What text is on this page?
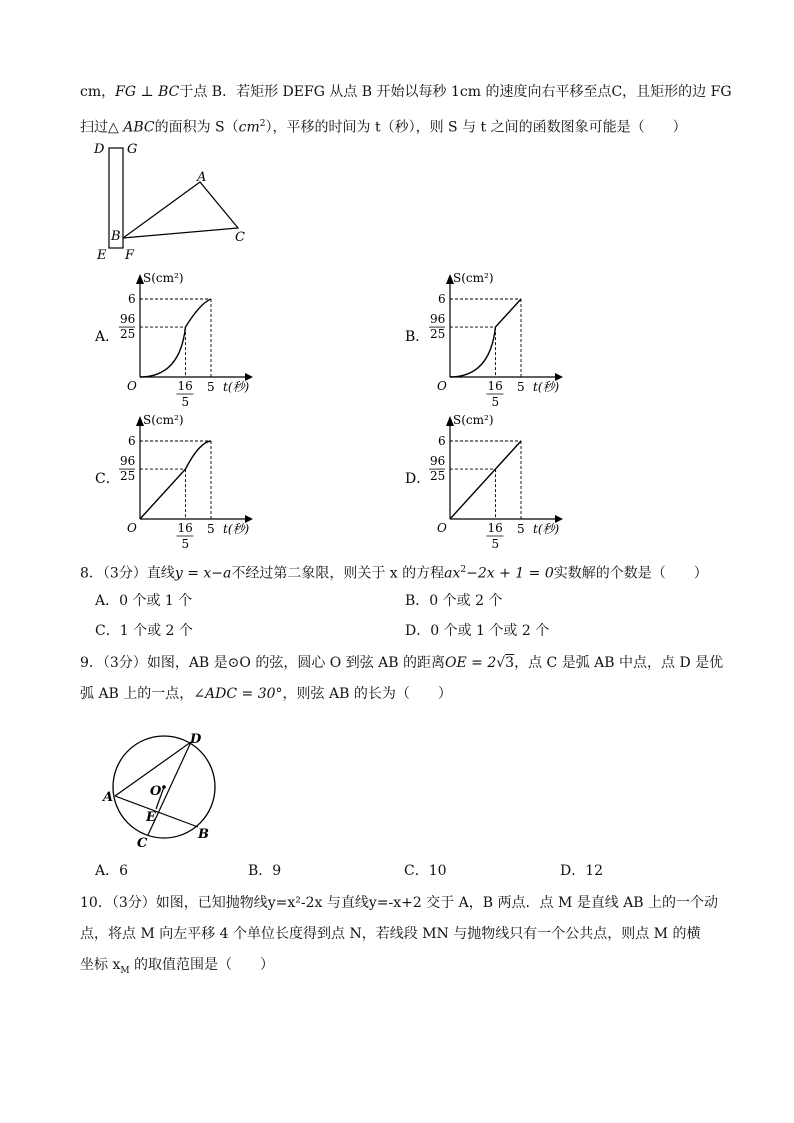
cm，FG ⊥ BC于点 B．若矩形 DEFG 从点 B 开始以每秒 1cm 的速度向右平移至点C，且矩形的边 FG
扫过△ ABC的面积为 $S(cm^2)$，平移的时间为 t（秒），则 S 与 t 之间的函数图象可能是（　　）
D G
A
B	C
E F
A．
S(cm²)
t(秒)
O
6
96
25
16
5
5
B．
S(cm²)
t(秒)
O
6
96
25
16
5
5
C．
S(cm²)
t(秒)
O
6
96
25
16
5
5
D．
S(cm²)
t(秒)
O
6
96
25
16
5
5
8．（3分）直线y = x−a不经过第二象限，则关于 x 的方程$ax^2-2x + 1 = 0$实数解的个数是（　　）
A．0 个或 1 个	B．0 个或 2 个
C．1 个或 2 个	D．0 个或 1 个或 2 个
9．（3分）如图，AB 是⊙O 的弦，圆心 O 到弦 AB 的距离OE = 2√3，点 C 是弧 AB 中点，点 D 是优
弧 AB 上的一点，∠ADC = 30°，则弦 AB 的长为（　　）
D
A	O
E
B
C
A．6	B．9	C．10	D．12
10．（3分）如图，已知抛物线y=x²-2x 与直线y=-x+2 交于 A，B 两点．点 M 是直线 AB 上的一个动
点，将点 M 向左平移 4 个单位长度得到点 N，若线段 MN 与抛物线只有一个公共点，则点 M 的横
坐标 $x_M$ 的取值范围是（　　）
